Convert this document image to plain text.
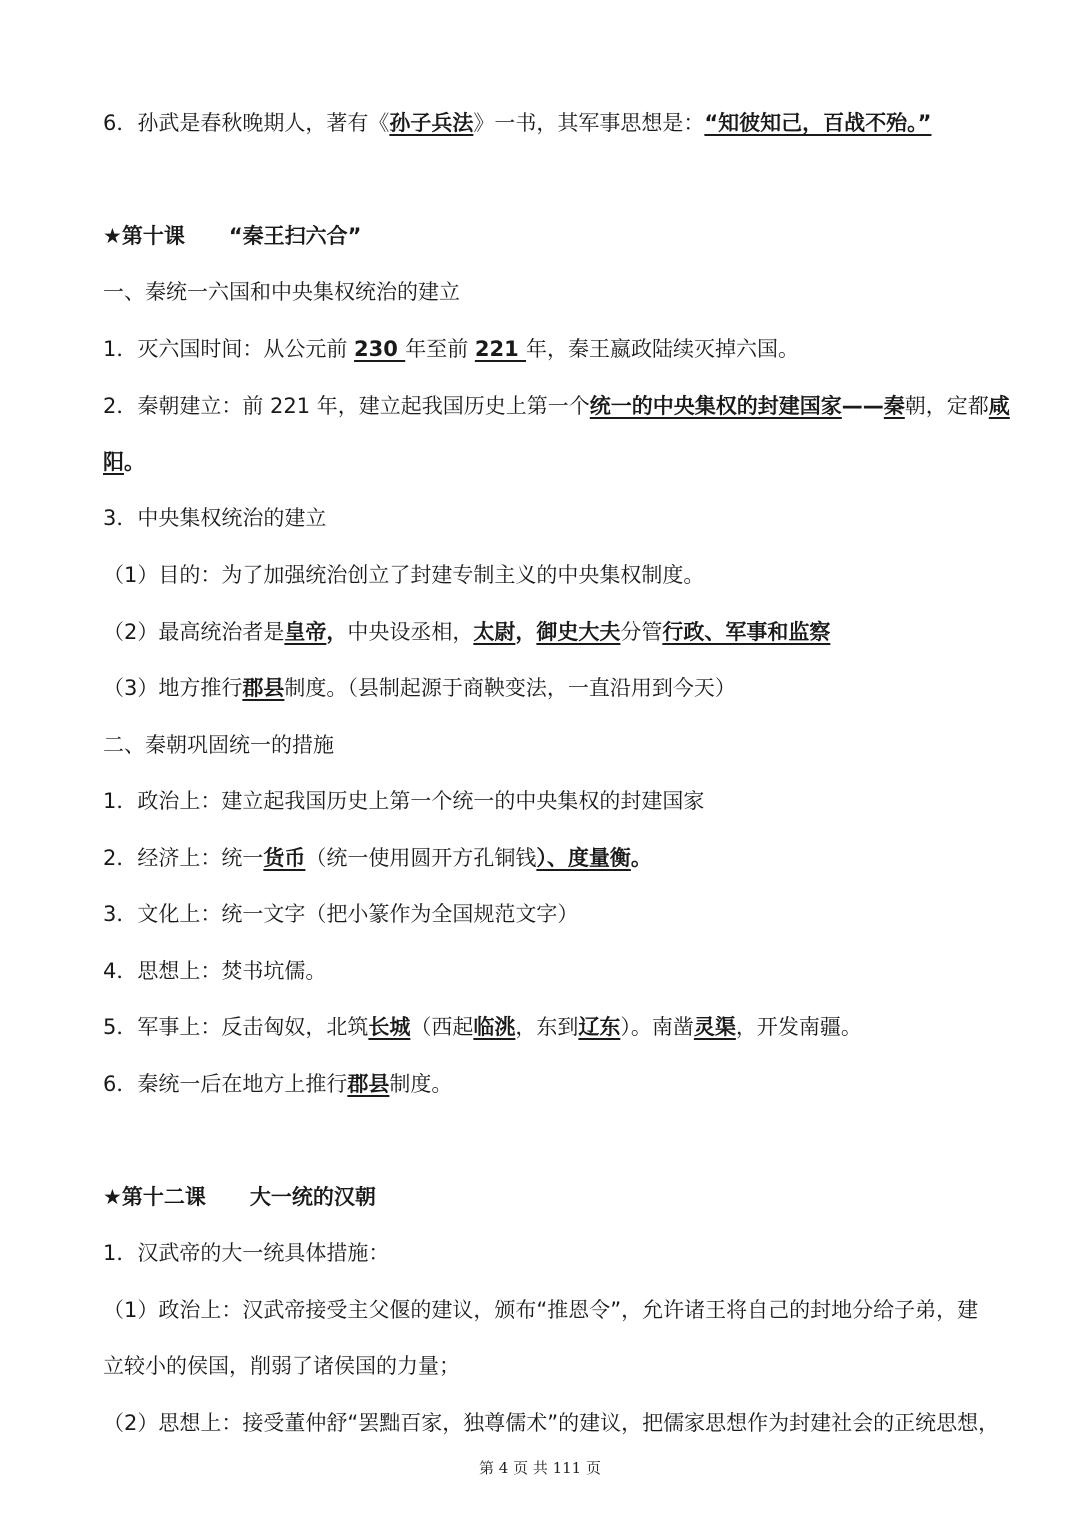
6．孙武是春秋晚期人，著有《孙子兵法》一书，其军事思想是：“知彼知己，百战不殆。”
★第十课 “秦王扫六合”
一、秦统一六国和中央集权统治的建立
1．灭六国时间：从公元前 230 年至前 221 年，秦王嬴政陆续灭掉六国。
2．秦朝建立：前 221 年，建立起我国历史上第一个统一的中央集权的封建国家——秦朝，定都咸
阳。
3．中央集权统治的建立
（1）目的：为了加强统治创立了封建专制主义的中央集权制度。
（2）最高统治者是皇帝，中央设丞相，太尉，御史大夫分管行政、军事和监察
（3）地方推行郡县制度。（县制起源于商鞅变法，一直沿用到今天）
二、秦朝巩固统一的措施
1．政治上：建立起我国历史上第一个统一的中央集权的封建国家
2．经济上：统一货币（统一使用圆开方孔铜钱）、度量衡。
3．文化上：统一文字（把小篆作为全国规范文字）
4．思想上：焚书坑儒。
5．军事上：反击匈奴，北筑长城（西起临洮，东到辽东）。南凿灵渠，开发南疆。
6．秦统一后在地方上推行郡县制度。
★第十二课 大一统的汉朝
1．汉武帝的大一统具体措施：
（1）政治上：汉武帝接受主父偃的建议，颁布“推恩令”，允许诸王将自己的封地分给子弟，建
立较小的侯国，削弱了诸侯国的力量；
（2）思想上：接受董仲舒“罢黜百家，独尊儒术”的建议，把儒家思想作为封建社会的正统思想，
第 4 页 共 111 页
